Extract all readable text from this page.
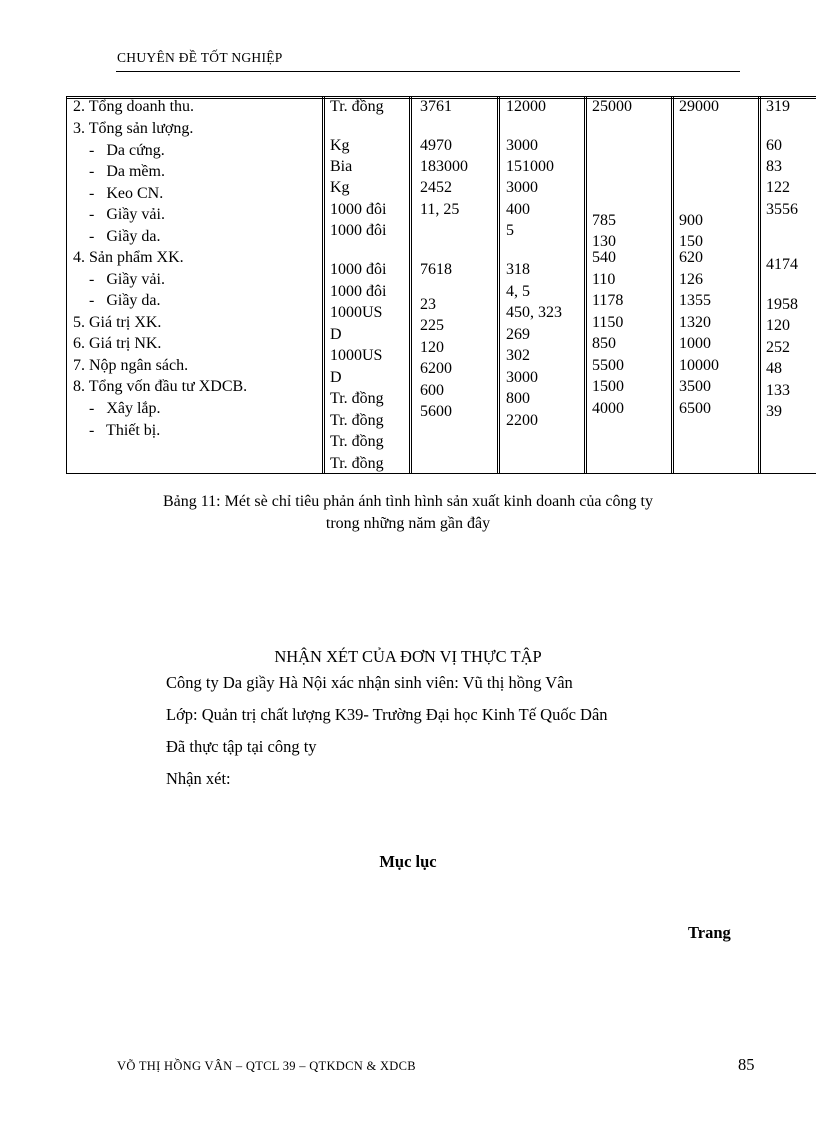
CHUYÊN ĐỀ TỐT NGHIỆP
2. Tổng doanh thu.
3. Tổng sản lượng.
-   Da cứng.
-   Da mềm.
-   Keo CN.
-   Giầy vải.
-   Giầy da.
4. Sản phẩm XK.
-   Giầy vải.
-   Giầy da.
5. Giá trị XK.
6. Giá trị NK.
7. Nộp ngân sách.
8. Tổng vốn đầu tư XDCB.
-   Xây lắp.
-   Thiết bị.
Tr. đồng
Kg
Bia
Kg
1000 đôi
1000 đôi
1000 đôi
1000 đôi
1000US
D
1000US
D
Tr. đồng
Tr. đồng
Tr. đồng
Tr. đồng
3761
4970
183000
2452
11, 25
7618
23
225
120
6200
600
5600
12000
3000
151000
3000
400
5
318
4, 5
450, 323
269
302
3000
800
2200
25000
785
130
540
110
1178
1150
850
5500
1500
4000
29000
900
150
620
126
1355
1320
1000
10000
3500
6500
319
60
83
122
3556
4174
1958
120
252
48
133
39
Bảng 11: Mét sè chỉ tiêu phản ánh tình hình sản xuất kinh doanh của công ty
trong những năm gần đây
NHẬN XÉT CỦA ĐƠN VỊ THỰC TẬP
Công ty Da giầy Hà Nội xác nhận sinh viên: Vũ thị hồng Vân
Lớp: Quản trị chất lượng K39- Trường Đại học Kinh Tế Quốc Dân
Đã thực tập tại công ty
Nhận xét:
Mục lục
Trang
VÕ THỊ HỒNG VÂN – QTCL 39 – QTKDCN & XDCB	85
